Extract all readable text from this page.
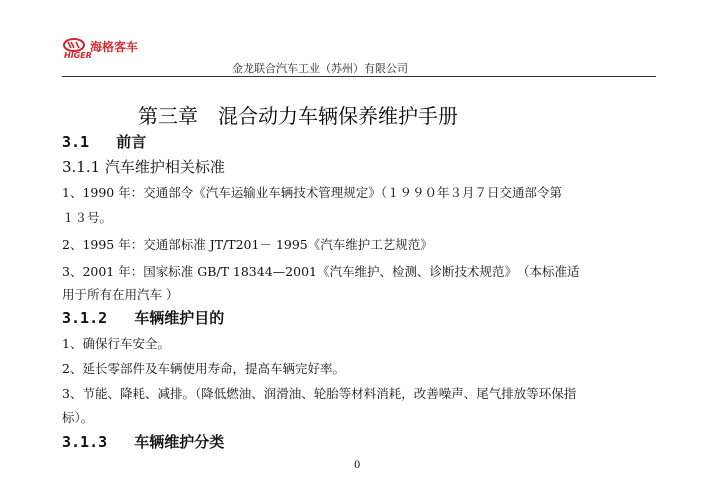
海格客车
HIGER
金龙联合汽车工业（苏州）有限公司
第三章　混合动力车辆保养维护手册
3.1 前言
3.1.1 汽车维护相关标准
1、1990 年：交通部令《汽车运输业车辆技术管理规定》（１９９０年３月７日交通部令第
１３号。
2、1995 年：交通部标准 JT/T201－ 1995《汽车维护工艺规范》
3、2001 年：国家标准 GB/T 18344—2001《汽车维护、检测、诊断技术规范》　（本标准适
用于所有在用汽车 ）
3.1.2 车辆维护目的
1、确保行车安全。
2、延长零部件及车辆使用寿命，提高车辆完好率。
3、节能、降耗、减排。（降低燃油、润滑油、轮胎等材料消耗，改善噪声、尾气排放等环保指
标）。
3.1.3 车辆维护分类
0
